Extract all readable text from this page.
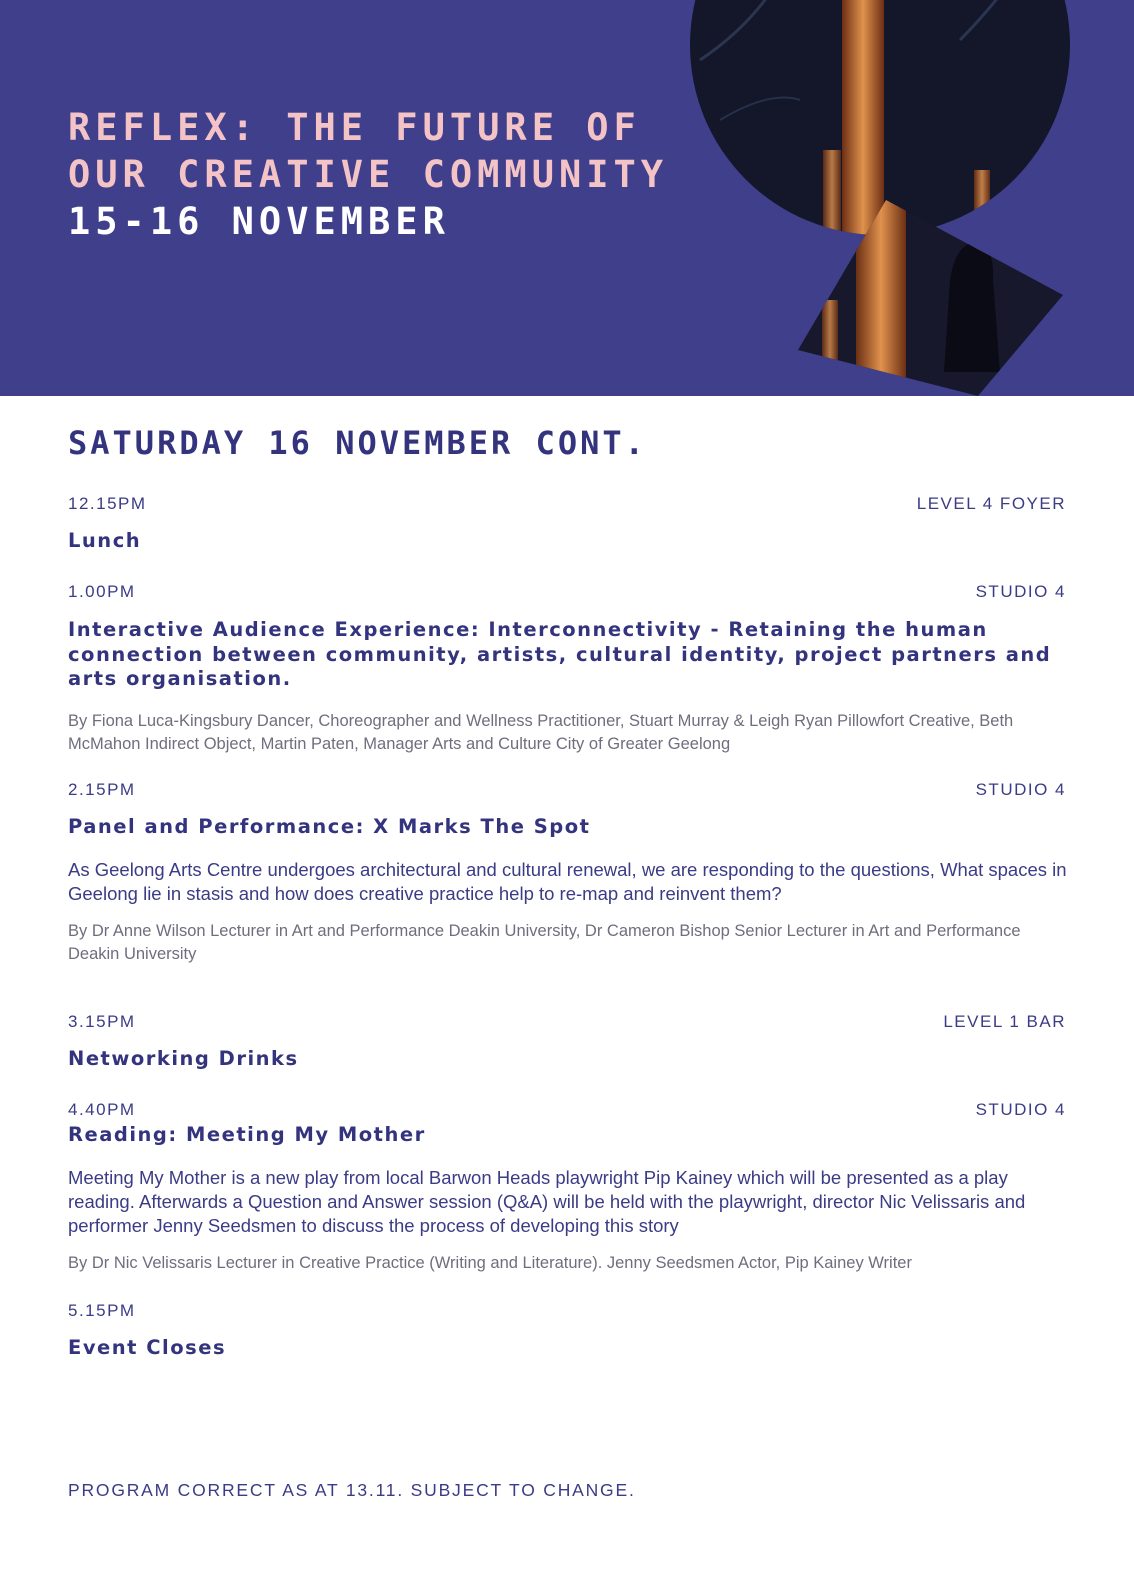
REFLEX: THE FUTURE OF
OUR CREATIVE COMMUNITY
15-16 NOVEMBER
SATURDAY 16 NOVEMBER CONT.
12.15PM	LEVEL 4 FOYER
Lunch
1.00PM	STUDIO 4
Interactive Audience Experience: Interconnectivity - Retaining the human connection between community, artists, cultural identity, project partners and arts organisation.
By Fiona Luca-Kingsbury Dancer, Choreographer and Wellness Practitioner, Stuart Murray & Leigh Ryan Pillowfort Creative, Beth McMahon Indirect Object, Martin Paten, Manager Arts and Culture City of Greater Geelong
2.15PM	STUDIO 4
Panel and Performance: X Marks The Spot
As Geelong Arts Centre undergoes architectural and cultural renewal, we are responding to the questions, What spaces in Geelong lie in stasis and how does creative practice help to re-map and reinvent them?
By Dr Anne Wilson Lecturer in Art and Performance Deakin University, Dr Cameron Bishop Senior Lecturer in Art and Performance Deakin University
3.15PM	LEVEL 1 BAR
Networking Drinks
4.40PM	STUDIO 4
Reading: Meeting My Mother
Meeting My Mother is a new play from local Barwon Heads playwright Pip Kainey which will be presented as a play reading. Afterwards a Question and Answer session (Q&A) will be held with the playwright, director Nic Velissaris and performer Jenny Seedsmen to discuss the process of developing this story
By Dr Nic Velissaris Lecturer in Creative Practice (Writing and Literature). Jenny Seedsmen Actor, Pip Kainey Writer
5.15PM
Event Closes
PROGRAM CORRECT AS AT 13.11. SUBJECT TO CHANGE.
